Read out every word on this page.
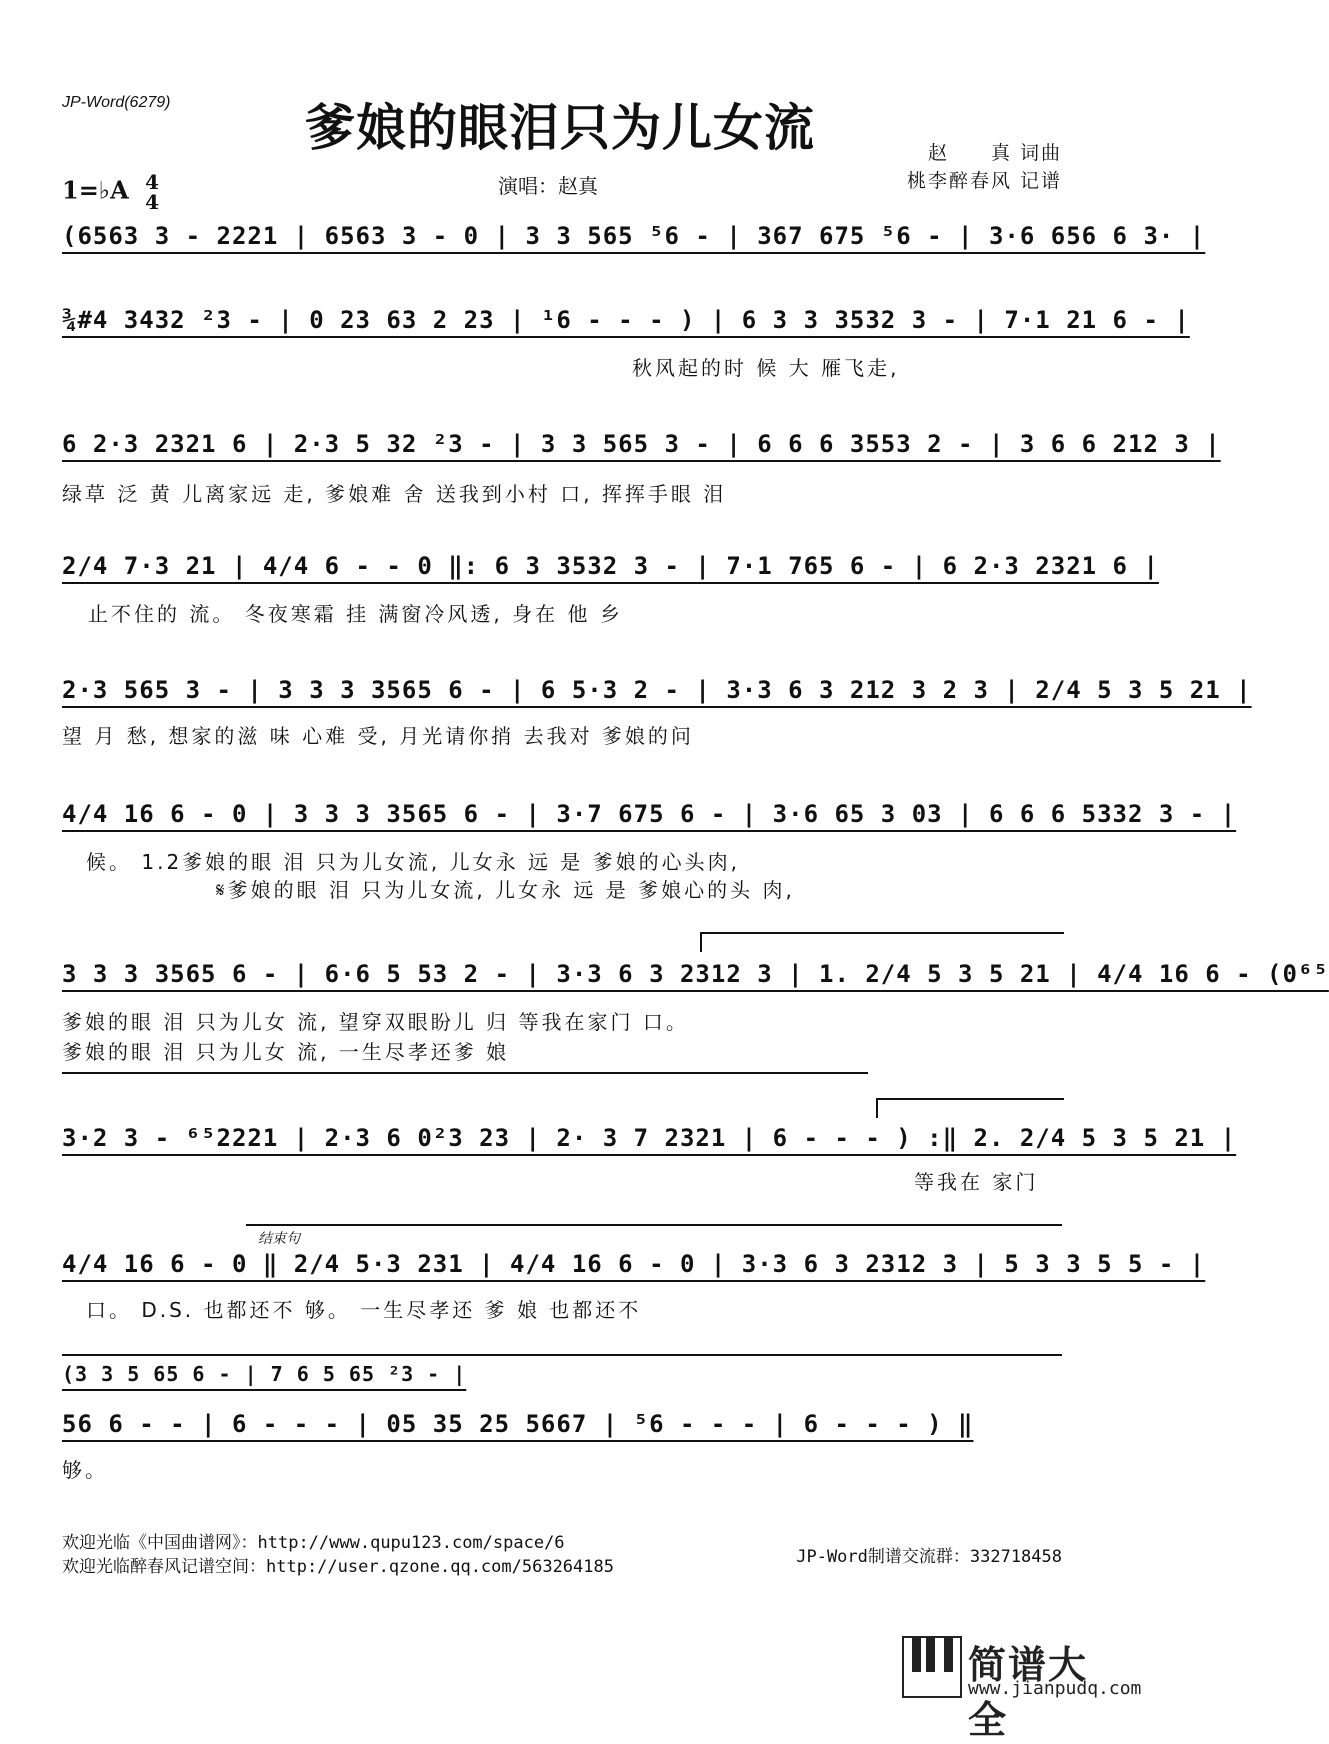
JP-Word(6279)	爹娘的眼泪只为儿女流	赵　　真 词曲
桃李醉春风 记谱
1=♭A 4
4
演唱：赵真
(6563 3 - 2221 | 6563 3 - 0 | 3 3 565 ⁵6 - | 367 675 ⁵6 - | 3·6 656 6 3· |
¾#4 3432 ²3 - | 0 23 63 2 23 | ¹6 - - - ) | 6 3 3 3532 3 - | 7·1 21 6 - |
秋风起的时 候 大 雁飞走,
6 2·3 2321 6 | 2·3 5 32 ²3 - | 3 3 565 3 - | 6 6 6 3553 2 - | 3 6 6 212 3 |
绿草 泛 黄 儿离家远 走, 爹娘难 舍 送我到小村 口, 挥挥手眼 泪
2/4 7·3 21 | 4/4 6 - - 0 ‖: 6 3 3532 3 - | 7·1 765 6 - | 6 2·3 2321 6 |
止不住的 流。 冬夜寒霜 挂 满窗冷风透, 身在 他 乡
2·3 565 3 - | 3 3 3 3565 6 - | 6 5·3 2 - | 3·3 6 3 212 3 2 3 | 2/4 5 3 5 21 |
望 月 愁, 想家的滋 味 心难 受, 月光请你捎 去我对 爹娘的问
4/4 16 6 - 0 | 3 3 3 3565 6 - | 3·7 675 6 - | 3·6 65 3 03 | 6 6 6 5332 3 - |
候。 1.2爹娘的眼 泪 只为儿女流, 儿女永 远 是 爹娘的心头肉,
𝄋爹娘的眼 泪 只为儿女流, 儿女永 远 是 爹娘心的头 肉,
3 3 3 3565 6 - | 6·6 5 53 2 - | 3·3 6 3 2312 3 | 1. 2/4 5 3 5 21 | 4/4 16 6 - (0⁶⁵
爹娘的眼 泪 只为儿女 流, 望穿双眼盼儿 归 等我在家门 口。
爹娘的眼 泪 只为儿女 流, 一生尽孝还爹 娘
3·2 3 - ⁶⁵2221 | 2·3 6 0²3 23 | 2· 3 7 2321 | 6 - - - ) :‖ 2. 2/4 5 3 5 21 |
等我在 家门
结束句
4/4 16 6 - 0 ‖ 2/4 5·3 231 | 4/4 16 6 - 0 | 3·3 6 3 2312 3 | 5 3 3 5 5 - |
口。 D.S. 也都还不 够。 一生尽孝还 爹 娘 也都还不
(3 3 5 65 6 - | 7 6 5 65 ²3 - |
56 6 - - | 6 - - - | 05 35 25 5667 | ⁵6 - - - | 6 - - - ) ‖
够。
欢迎光临《中国曲谱网》：http://www.qupu123.com/space/6
欢迎光临醉春风记谱空间：http://user.qzone.qq.com/563264185	JP-Word制谱交流群：332718458
简谱大全
www.jianpudq.com
